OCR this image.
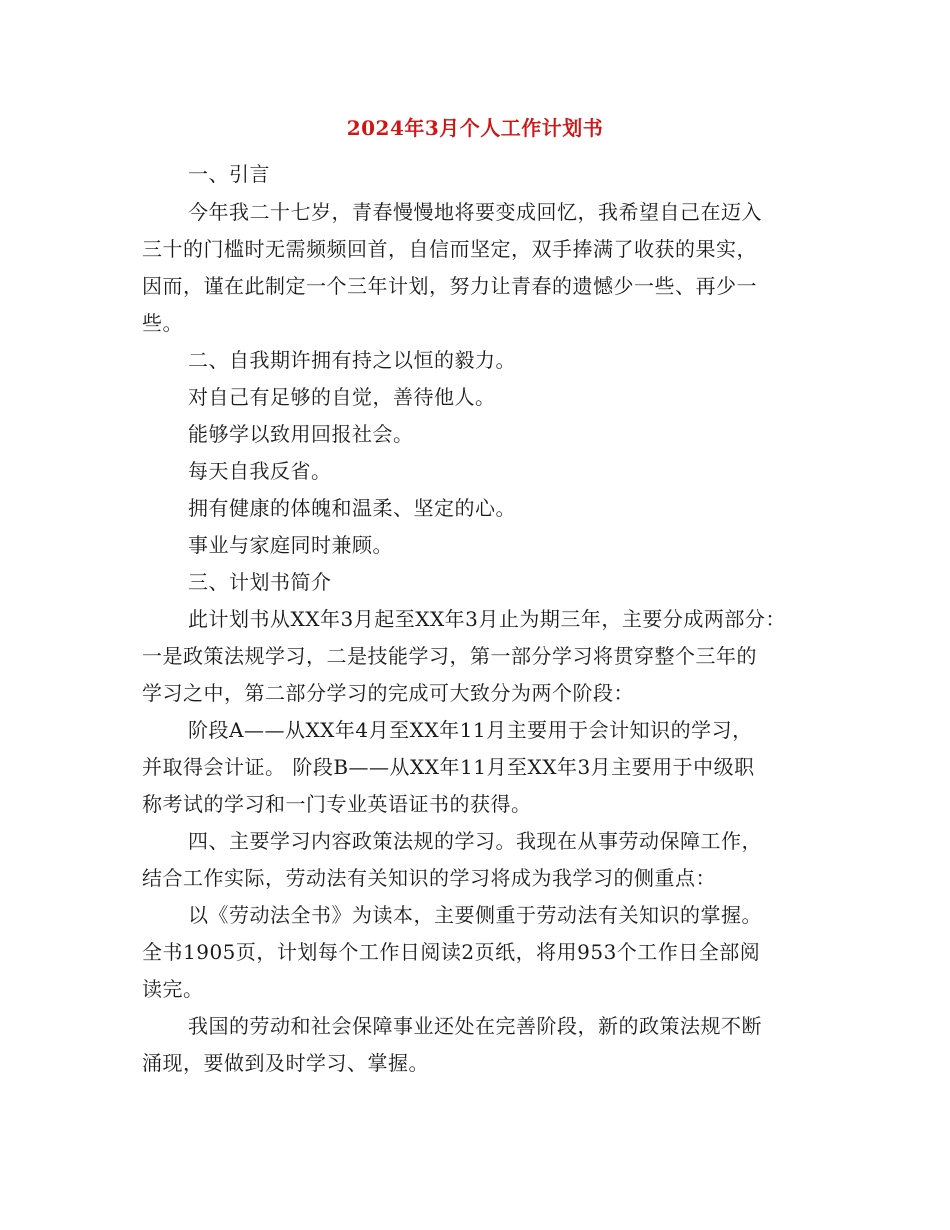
2024年3月个人工作计划书
一、引言
今年我二十七岁，青春慢慢地将要变成回忆，我希望自己在迈入
三十的门槛时无需频频回首，自信而坚定，双手捧满了收获的果实，
因而，谨在此制定一个三年计划，努力让青春的遗憾少一些、再少一
些。
二、自我期许拥有持之以恒的毅力。
对自己有足够的自觉，善待他人。
能够学以致用回报社会。
每天自我反省。
拥有健康的体魄和温柔、坚定的心。
事业与家庭同时兼顾。
三、计划书简介
此计划书从XX年3月起至XX年3月止为期三年，主要分成两部分：
一是政策法规学习，二是技能学习，第一部分学习将贯穿整个三年的
学习之中，第二部分学习的完成可大致分为两个阶段：
阶段A——从XX年4月至XX年11月主要用于会计知识的学习，
并取得会计证。 阶段B——从XX年11月至XX年3月主要用于中级职
称考试的学习和一门专业英语证书的获得。
四、主要学习内容政策法规的学习。我现在从事劳动保障工作，
结合工作实际，劳动法有关知识的学习将成为我学习的侧重点：
以《劳动法全书》为读本，主要侧重于劳动法有关知识的掌握。
全书1905页，计划每个工作日阅读2页纸，将用953个工作日全部阅
读完。
我国的劳动和社会保障事业还处在完善阶段，新的政策法规不断
涌现，要做到及时学习、掌握。
